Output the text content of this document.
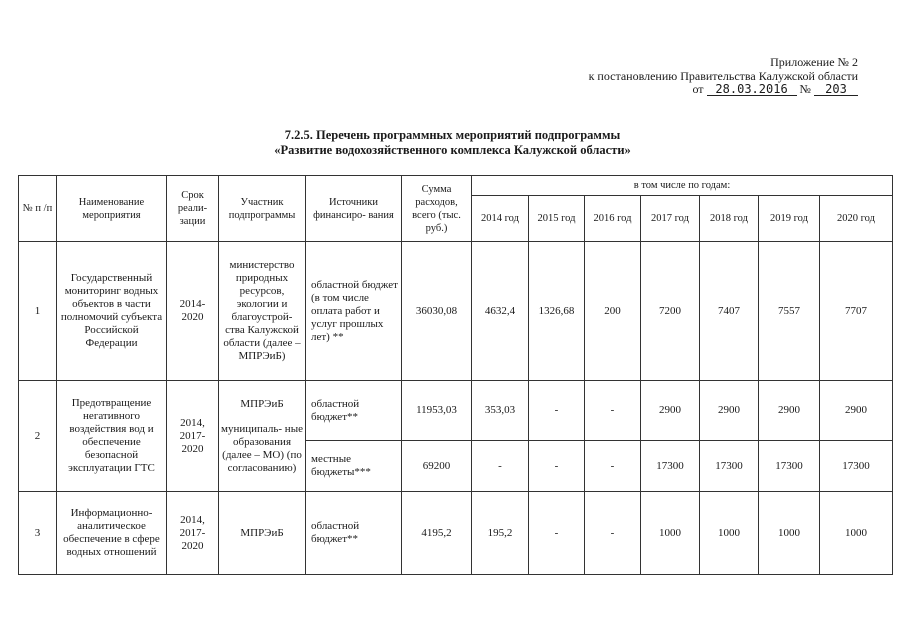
Приложение № 2
к постановлению Правительства Калужской области
от 28.03.2016 № 203
7.2.5. Перечень программных мероприятий подпрограммы
«Развитие водохозяйственного комплекса Калужской области»
№ п /п	Наименование мероприятия	Срок реали- зации	Участник подпрограммы	Источники финансиро- вания	Сумма расходов, всего (тыс. руб.)	в том числе по годам:						
						2014 год	2015 год	2016 год	2017 год	2018 год	2019 год	2020 год
1	Государственный мониторинг водных объектов в части полномочий субъекта Российской Федерации	2014- 2020	министерство природных ресурсов, экологии и благоустрой- ства Калужской области (далее – МПРЭиБ)	областной бюджет (в том числе оплата работ и услуг прошлых лет) **	36030,08	4632,4	1326,68	200	7200	7407	7557	7707
2	Предотвращение негативного воздействия вод и обеспечение безопасной эксплуатации ГТС	2014, 2017- 2020	МПРЭиБ
муниципаль- ные образования (далее – МО) (по согласованию)	областной бюджет**	11953,03	353,03	-	-	2900	2900	2900	2900
				местные бюджеты***	69200	-	-	-	17300	17300	17300	17300
3	Информационно- аналитическое обеспечение в сфере водных отношений	2014, 2017- 2020	МПРЭиБ	областной бюджет**	4195,2	195,2	-	-	1000	1000	1000	1000
